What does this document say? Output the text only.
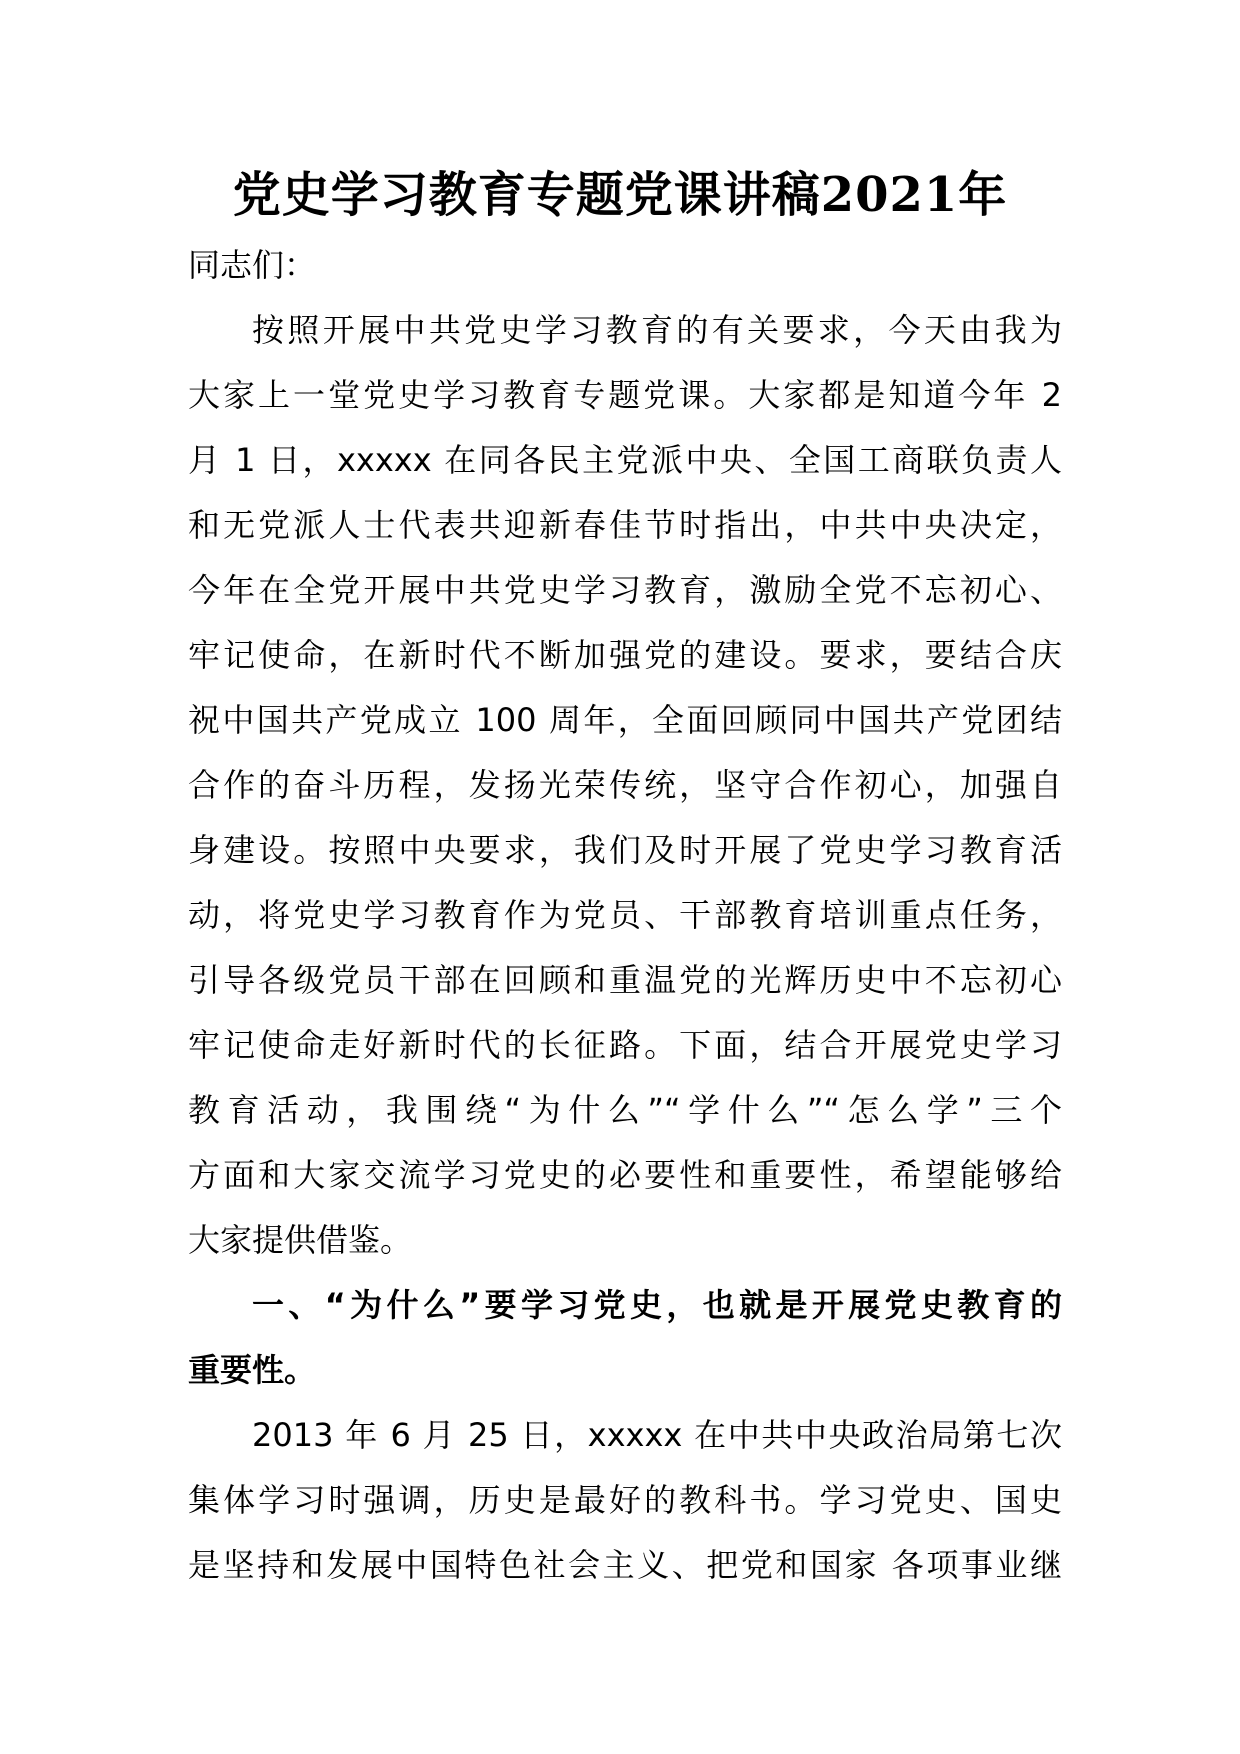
党史学习教育专题党课讲稿2021年
同志们：
按照开展中共党史学习教育的有关要求，今天由我为
大家上一堂党史学习教育专题党课。大家都是知道今年 2
月 1 日，xxxxx 在同各民主党派中央、全国工商联负责人
和无党派人士代表共迎新春佳节时指出，中共中央决定，
今年在全党开展中共党史学习教育，激励全党不忘初心、
牢记使命，在新时代不断加强党的建设。要求，要结合庆
祝中国共产党成立 100 周年，全面回顾同中国共产党团结
合作的奋斗历程，发扬光荣传统，坚守合作初心，加强自
身建设。按照中央要求，我们及时开展了党史学习教育活
动，将党史学习教育作为党员、干部教育培训重点任务，
引导各级党员干部在回顾和重温党的光辉历史中不忘初心
牢记使命走好新时代的长征路。下面，结合开展党史学习
教育活动，我围绕“为什么”“学什么”“怎么学”三个
方面和大家交流学习党史的必要性和重要性，希望能够给
大家提供借鉴。
一、“为什么”要学习党史，也就是开展党史教育的
重要性。
2013 年 6 月 25 日，xxxxx 在中共中央政治局第七次
集体学习时强调，历史是最好的教科书。学习党史、国史
是坚持和发展中国特色社会主义、把党和国家 各项事业继
